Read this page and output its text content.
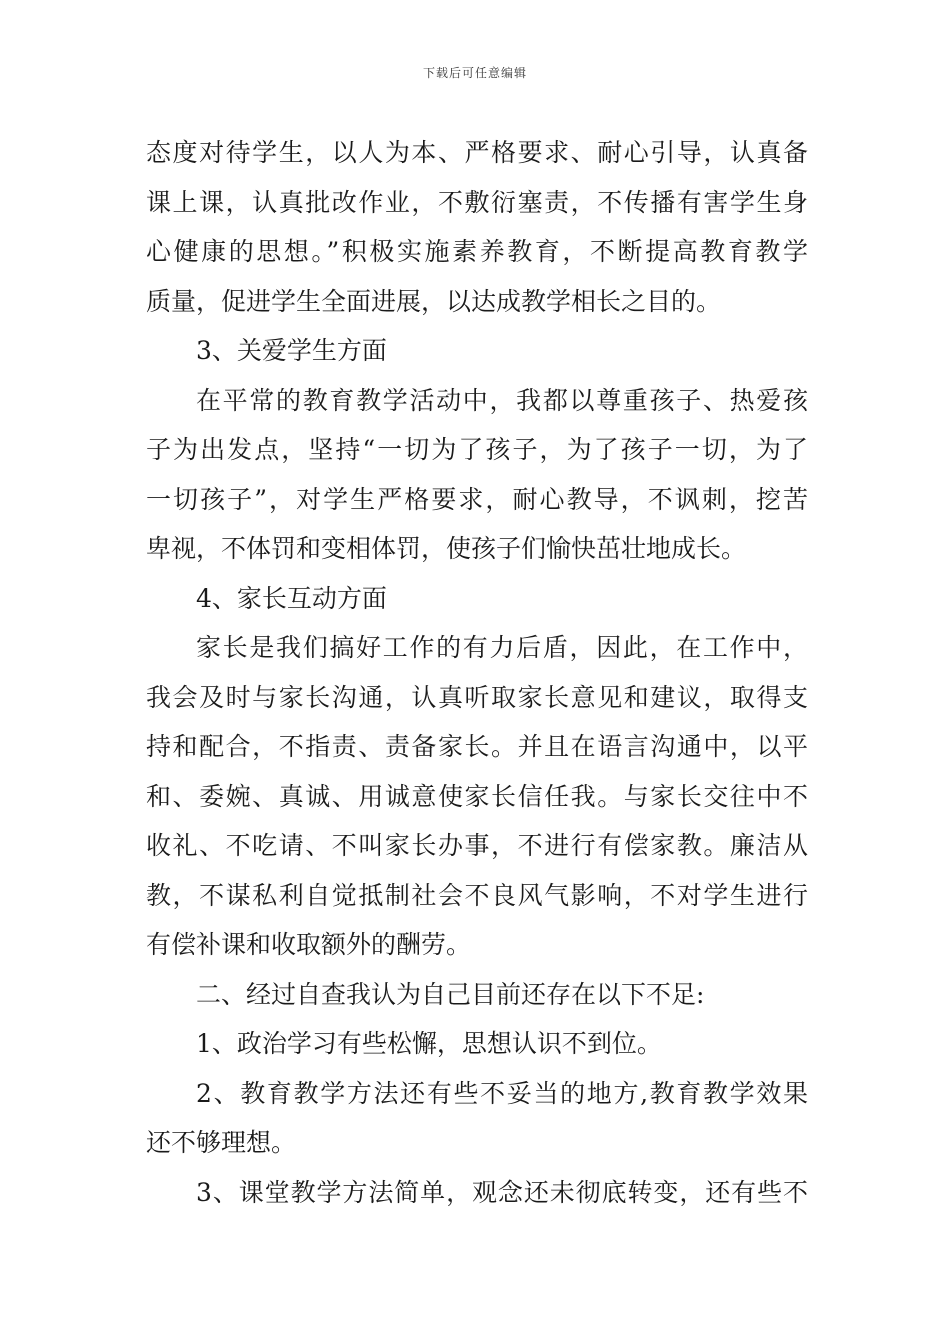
下载后可任意编辑
态度对待学生，以人为本、严格要求、耐心引导，认真备
课上课，认真批改作业，不敷衍塞责，不传播有害学生身
心健康的思想。”积极实施素养教育，不断提高教育教学
质量，促进学生全面进展，以达成教学相长之目的。
3、关爱学生方面
在平常的教育教学活动中，我都以尊重孩子、热爱孩
子为出发点，坚持“一切为了孩子，为了孩子一切，为了
一切孩子”，对学生严格要求，耐心教导，不讽刺，挖苦
卑视，不体罚和变相体罚，使孩子们愉快茁壮地成长。
4、家长互动方面
家长是我们搞好工作的有力后盾，因此，在工作中，
我会及时与家长沟通，认真听取家长意见和建议，取得支
持和配合，不指责、责备家长。并且在语言沟通中，以平
和、委婉、真诚、用诚意使家长信任我。与家长交往中不
收礼、不吃请、不叫家长办事，不进行有偿家教。廉洁从
教，不谋私利自觉抵制社会不良风气影响，不对学生进行
有偿补课和收取额外的酬劳。
二、经过自查我认为自己目前还存在以下不足:
1、政治学习有些松懈，思想认识不到位。
2、教育教学方法还有些不妥当的地方,教育教学效果
还不够理想。
3、课堂教学方法简单，观念还未彻底转变，还有些不
